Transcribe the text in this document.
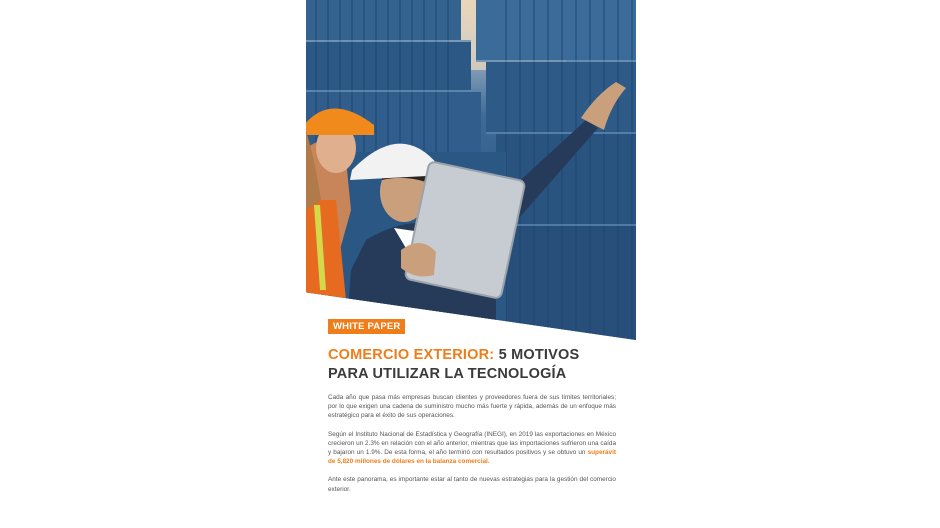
WHITE PAPER
COMERCIO EXTERIOR: 5 MOTIVOS
PARA UTILIZAR LA TECNOLOGÍA
Cada año que pasa más empresas buscan clientes y proveedores fuera de sus límites territoriales; por lo que exigen una cadena de suministro mucho más fuerte y rápida, además de un enfoque más estratégico para el éxito de sus operaciones.
Según el Instituto Nacional de Estadística y Geografía (INEGI), en 2019 las exportaciones en México crecieron un 2.3% en relación con el año anterior, mientras que las importaciones sufrieron una caída y bajaron un 1.9%. De esta forma, el año terminó con resultados positivos y se obtuvo un superávit de 5,820 millones de dólares en la balanza comercial.
Ante este panorama, es importante estar al tanto de nuevas estrategias para la gestión del comercio exterior.
